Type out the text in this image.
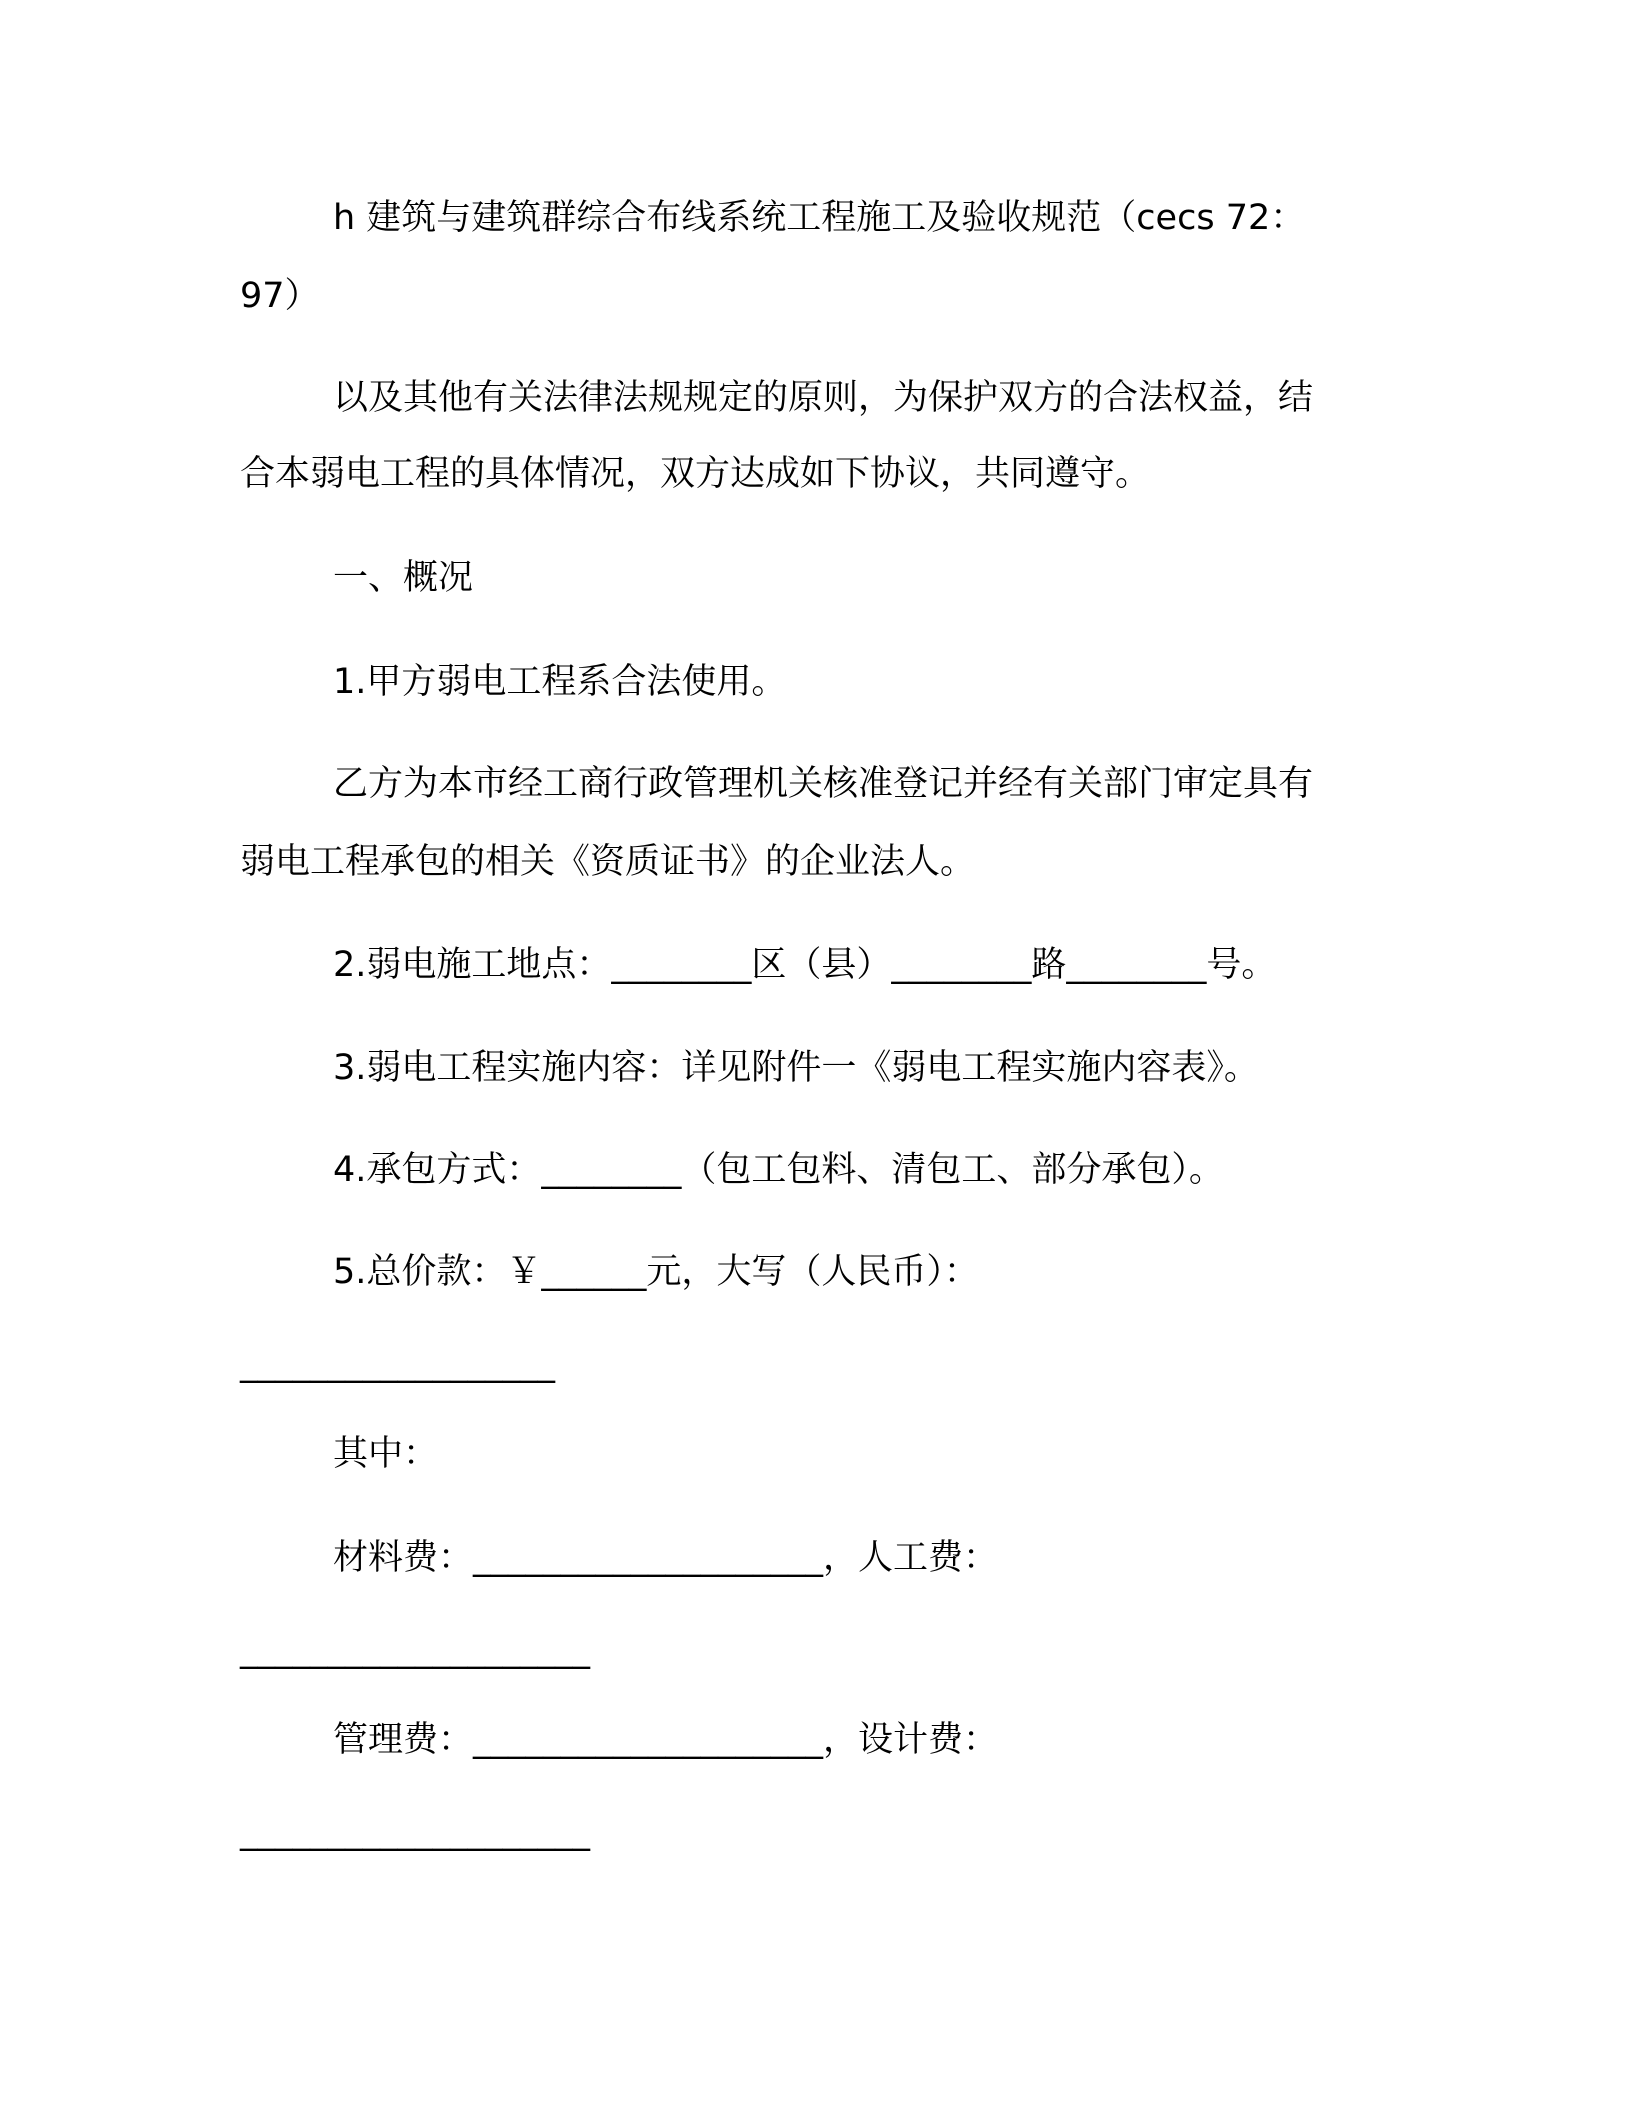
h 建筑与建筑群综合布线系统工程施工及验收规范（cecs 72：
97）
以及其他有关法律法规规定的原则，为保护双方的合法权益，结
合本弱电工程的具体情况，双方达成如下协议，共同遵守。
一、概况
1.甲方弱电工程系合法使用。
乙方为本市经工商行政管理机关核准登记并经有关部门审定具有
弱电工程承包的相关《资质证书》的企业法人。
2.弱电施工地点：________区（县）________路________号。
3.弱电工程实施内容：详见附件一《弱电工程实施内容表》。
4.承包方式：________（包工包料、清包工、部分承包）。
5.总价款：￥______元，大写（人民币）：
__________________
其中：
材料费：____________________，人工费：
____________________
管理费：____________________，设计费：
____________________
